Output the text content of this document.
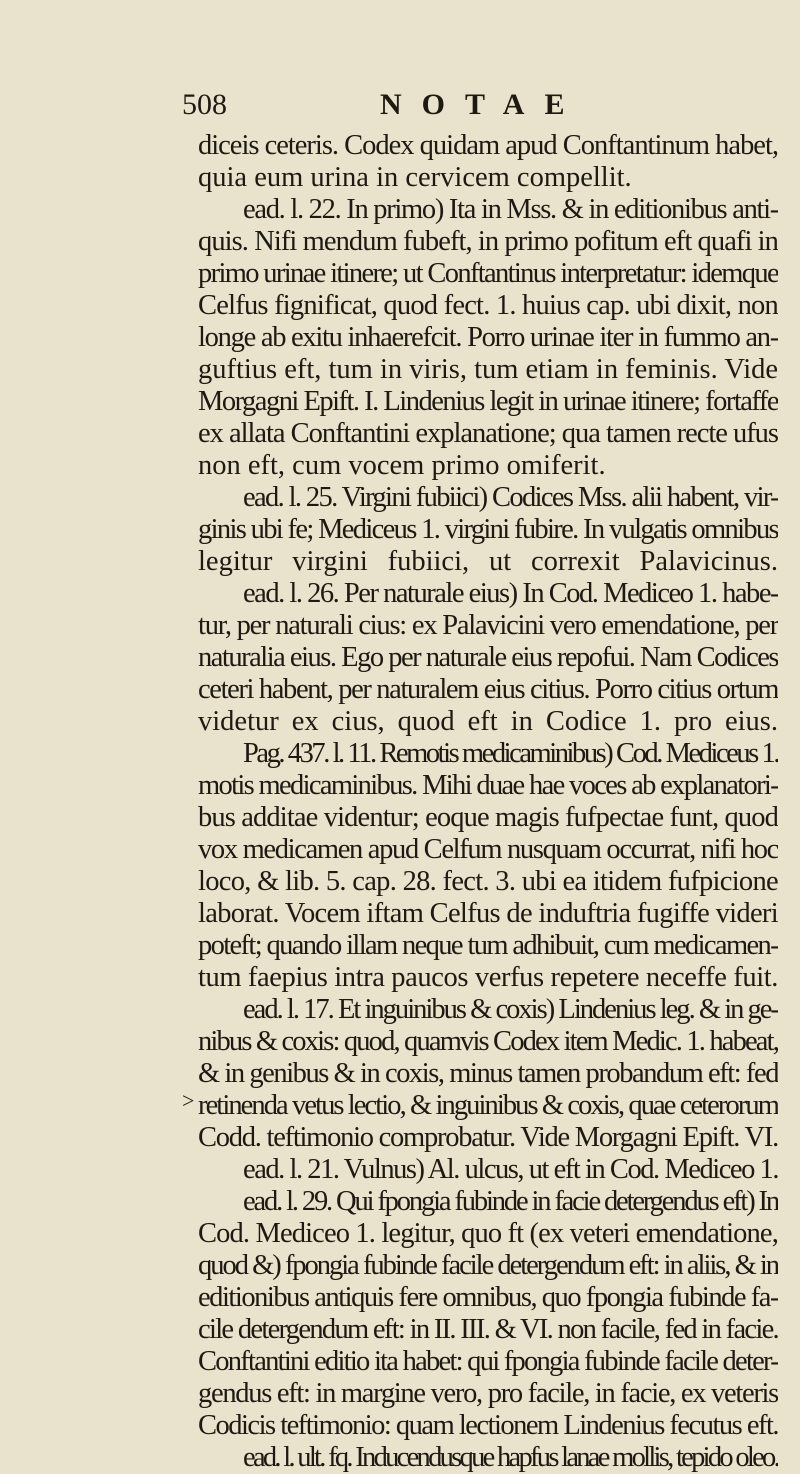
508	NOTAE
>
diceis ceteris. Codex quidam apud Conftantinum habet,
quia eum urina in cervicem compellit.
ead. l. 22. In primo) Ita in Mss. & in editionibus anti-
quis. Nifi mendum fubeft, in primo pofitum eft quafi in
primo urinae itinere; ut Conftantinus interpretatur: idemque
Celfus fignificat, quod fect. 1. huius cap. ubi dixit, non
longe ab exitu inhaerefcit. Porro urinae iter in fummo an-
guftius eft, tum in viris, tum etiam in feminis. Vide
Morgagni Epift. I. Lindenius legit in urinae itinere; fortaffe
ex allata Conftantini explanatione; qua tamen recte ufus
non eft, cum vocem primo omiferit.
ead. l. 25. Virgini fubiici) Codices Mss. alii habent, vir-
ginis ubi fe; Mediceus 1. virgini fubire. In vulgatis omnibus
legitur virgini fubiici, ut correxit Palavicinus.
ead. l. 26. Per naturale eius) In Cod. Mediceo 1. habe-
tur, per naturali cius: ex Palavicini vero emendatione, per
naturalia eius. Ego per naturale eius repofui. Nam Codices
ceteri habent, per naturalem eius citius. Porro citius ortum
videtur ex cius, quod eft in Codice 1. pro eius.
Pag. 437. l. 11. Remotis medicaminibus) Cod. Mediceus 1.
motis medicaminibus. Mihi duae hae voces ab explanatori-
bus additae videntur; eoque magis fufpectae funt, quod
vox medicamen apud Celfum nusquam occurrat, nifi hoc
loco, & lib. 5. cap. 28. fect. 3. ubi ea itidem fufpicione
laborat. Vocem iftam Celfus de induftria fugiffe videri
poteft; quando illam neque tum adhibuit, cum medicamen-
tum faepius intra paucos verfus repetere neceffe fuit.
ead. l. 17. Et inguinibus & coxis) Lindenius leg. & in ge-
nibus & coxis: quod, quamvis Codex item Medic. 1. habeat,
& in genibus & in coxis, minus tamen probandum eft: fed
retinenda vetus lectio, & inguinibus & coxis, quae ceterorum
Codd. teftimonio comprobatur. Vide Morgagni Epift. VI.
ead. l. 21. Vulnus) Al. ulcus, ut eft in Cod. Mediceo 1.
ead. l. 29. Qui fpongia fubinde in facie detergendus eft) In
Cod. Mediceo 1. legitur, quo ft (ex veteri emendatione,
quod &) fpongia fubinde facile detergendum eft: in aliis, & in
editionibus antiquis fere omnibus, quo fpongia fubinde fa-
cile detergendum eft: in II. III. & VI. non facile, fed in facie.
Conftantini editio ita habet: qui fpongia fubinde facile deter-
gendus eft: in margine vero, pro facile, in facie, ex veteris
Codicis teftimonio: quam lectionem Lindenius fecutus eft.
ead. l. ult. fq. Inducendusque hapfus lanae mollis, tepido oleo.
